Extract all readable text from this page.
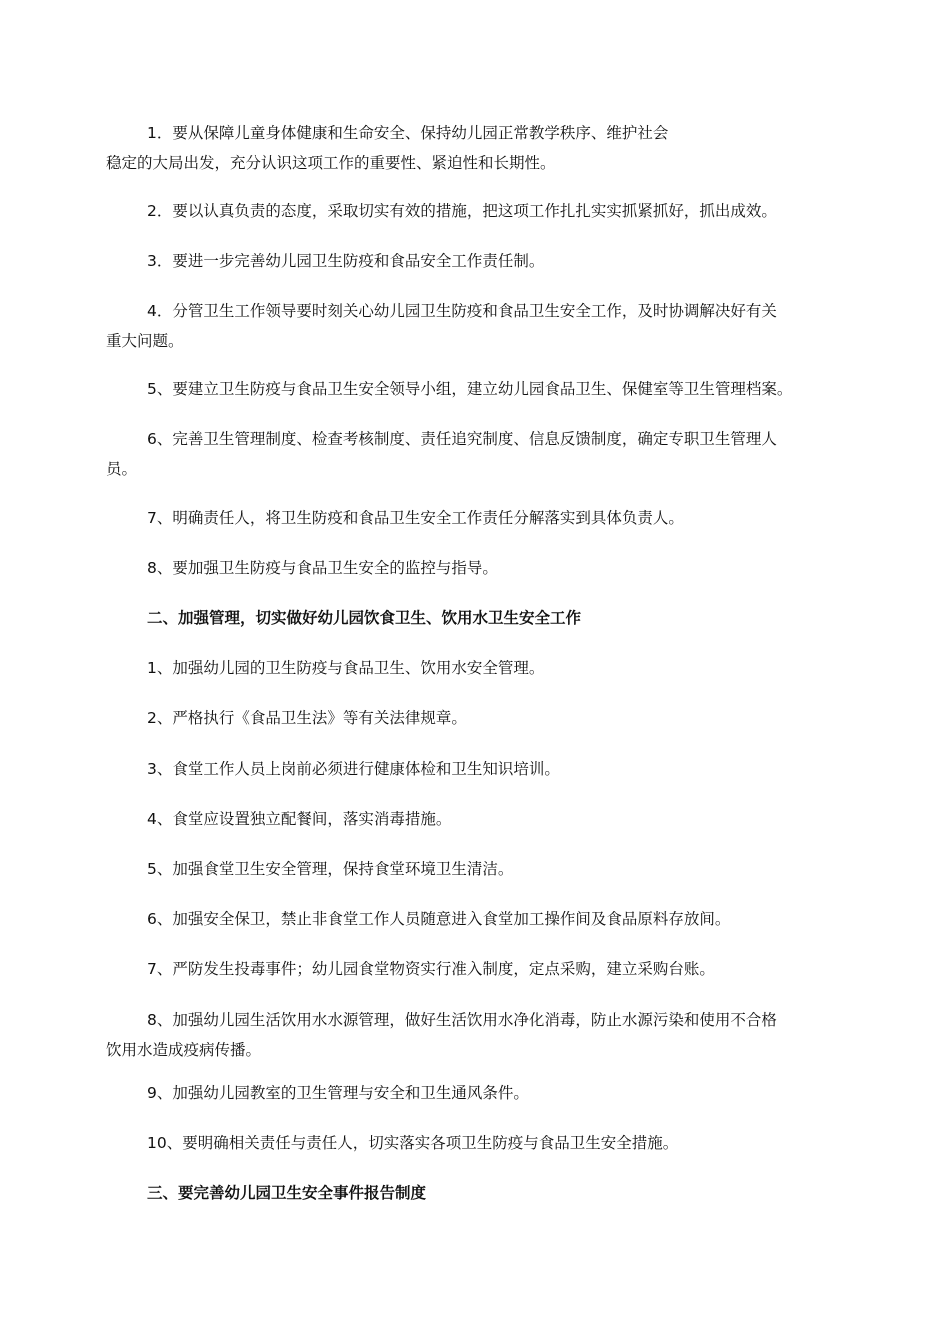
1．要从保障儿童身体健康和生命安全、保持幼儿园正常教学秩序、维护社会
稳定的大局出发，充分认识这项工作的重要性、紧迫性和长期性。

2．要以认真负责的态度，采取切实有效的措施，把这项工作扎扎实实抓紧抓好，抓出成效。

3．要进一步完善幼儿园卫生防疫和食品安全工作责任制。

4．分管卫生工作领导要时刻关心幼儿园卫生防疫和食品卫生安全工作，及时协调解决好有关
重大问题。

5、要建立卫生防疫与食品卫生安全领导小组，建立幼儿园食品卫生、保健室等卫生管理档案。

6、完善卫生管理制度、检查考核制度、责任追究制度、信息反馈制度，确定专职卫生管理人
员。

7、明确责任人，将卫生防疫和食品卫生安全工作责任分解落实到具体负责人。

8、要加强卫生防疫与食品卫生安全的监控与指导。

二、加强管理，切实做好幼儿园饮食卫生、饮用水卫生安全工作

1、加强幼儿园的卫生防疫与食品卫生、饮用水安全管理。

2、严格执行《食品卫生法》等有关法律规章。

3、食堂工作人员上岗前必须进行健康体检和卫生知识培训。

4、食堂应设置独立配餐间，落实消毒措施。

5、加强食堂卫生安全管理，保持食堂环境卫生清洁。

6、加强安全保卫，禁止非食堂工作人员随意进入食堂加工操作间及食品原料存放间。

7、严防发生投毒事件；幼儿园食堂物资实行准入制度，定点采购，建立采购台账。

8、加强幼儿园生活饮用水水源管理，做好生活饮用水净化消毒，防止水源污染和使用不合格
饮用水造成疫病传播。

9、加强幼儿园教室的卫生管理与安全和卫生通风条件。

10、要明确相关责任与责任人，切实落实各项卫生防疫与食品卫生安全措施。

三、要完善幼儿园卫生安全事件报告制度
